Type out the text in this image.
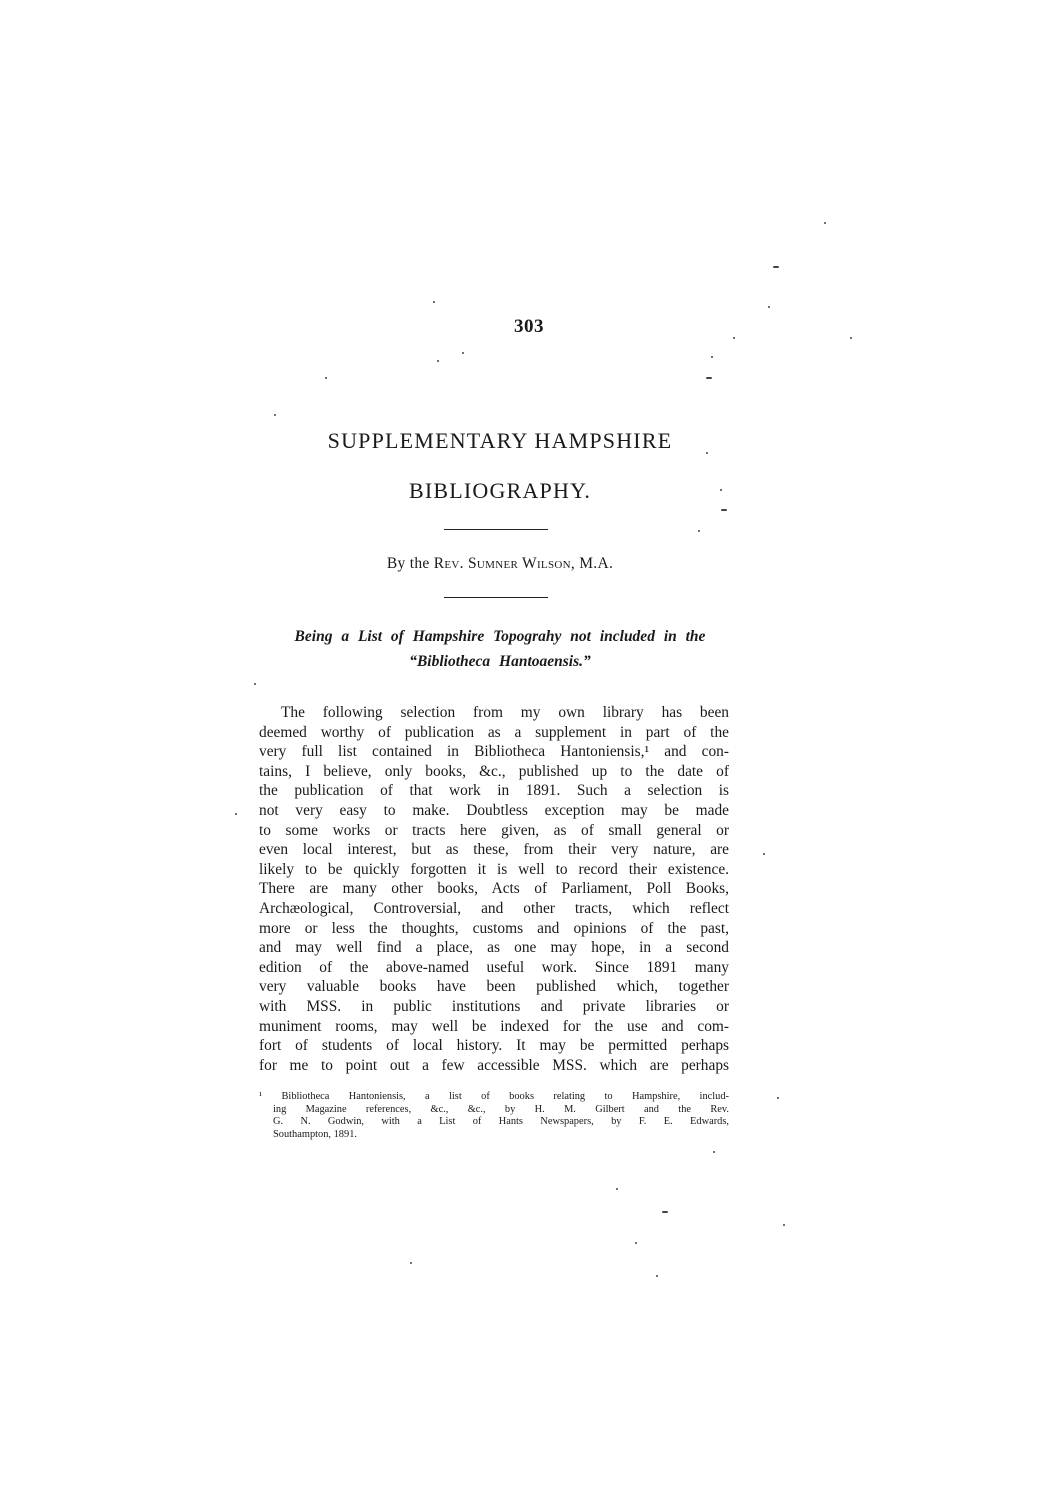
303
SUPPLEMENTARY HAMPSHIRE
BIBLIOGRAPHY.
By the Rev. Sumner Wilson, M.A.
Being a List of Hampshire Topograhy not included in the
“Bibliotheca Hantoaensis.”
The following selection from my own library has been
deemed worthy of publication as a supplement in part of the
very full list contained in Bibliotheca Hantoniensis,¹ and con-
tains, I believe, only books, &c., published up to the date of
the publication of that work in 1891. Such a selection is
not very easy to make. Doubtless exception may be made
to some works or tracts here given, as of small general or
even local interest, but as these, from their very nature, are
likely to be quickly forgotten it is well to record their existence.
There are many other books, Acts of Parliament, Poll Books,
Archæological, Controversial, and other tracts, which reflect
more or less the thoughts, customs and opinions of the past,
and may well find a place, as one may hope, in a second
edition of the above-named useful work. Since 1891 many
very valuable books have been published which, together
with MSS. in public institutions and private libraries or
muniment rooms, may well be indexed for the use and com-
fort of students of local history. It may be permitted perhaps
for me to point out a few accessible MSS. which are perhaps
¹ Bibliotheca Hantoniensis, a list of books relating to Hampshire, includ-
ing Magazine references, &c., &c., by H. M. Gilbert and the Rev.
G. N. Godwin, with a List of Hants Newspapers, by F. E. Edwards,
Southampton, 1891.
